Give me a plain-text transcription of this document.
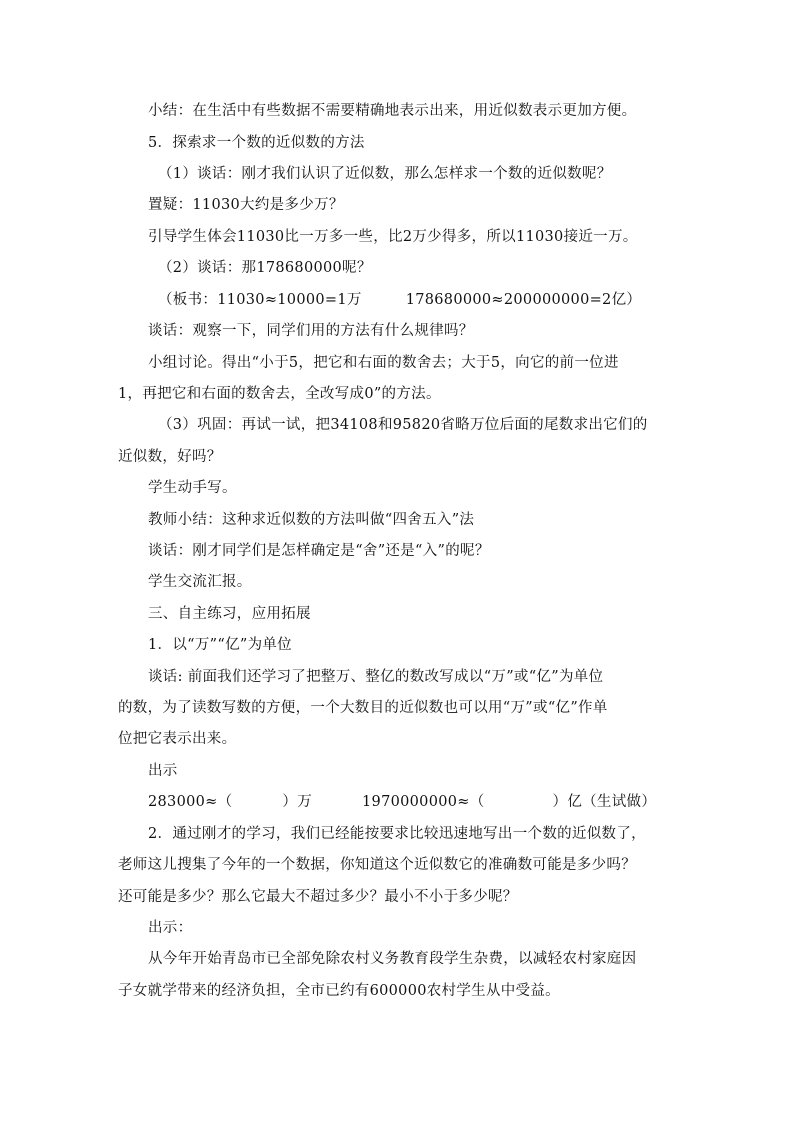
小结：在生活中有些数据不需要精确地表示出来，用近似数表示更加方便。
5．探索求一个数的近似数的方法
（1）谈话：刚才我们认识了近似数，那么怎样求一个数的近似数呢？
置疑：11030大约是多少万？
引导学生体会11030比一万多一些，比2万少得多，所以11030接近一万。
（2）谈话：那178680000呢？
（板书：11030≈10000=1万	178680000≈200000000=2亿）
谈话：观察一下，同学们用的方法有什么规律吗？
小组讨论。得出“小于5，把它和右面的数舍去；大于5，向它的前一位进
1，再把它和右面的数舍去，全改写成0”的方法。
（3）巩固：再试一试，把34108和95820省略万位后面的尾数求出它们的
近似数，好吗？
学生动手写。
教师小结：这种求近似数的方法叫做“四舍五入”法
谈话：刚才同学们是怎样确定是“舍”还是“入”的呢？
学生交流汇报。
三、自主练习，应用拓展
1．以“万”“亿”为单位
谈话: 前面我们还学习了把整万、整亿的数改写成以“万”或“亿”为单位
的数，为了读数写数的方便，一个大数目的近似数也可以用“万”或“亿”作单
位把它表示出来。
出示
283000≈（	）万	1970000000≈（	）亿（生试做）
2．通过刚才的学习，我们已经能按要求比较迅速地写出一个数的近似数了，
老师这儿搜集了今年的一个数据，你知道这个近似数它的准确数可能是多少吗？
还可能是多少？那么它最大不超过多少？最小不小于多少呢？
出示：
从今年开始青岛市已全部免除农村义务教育段学生杂费，以减轻农村家庭因
子女就学带来的经济负担，全市已约有600000农村学生从中受益。
